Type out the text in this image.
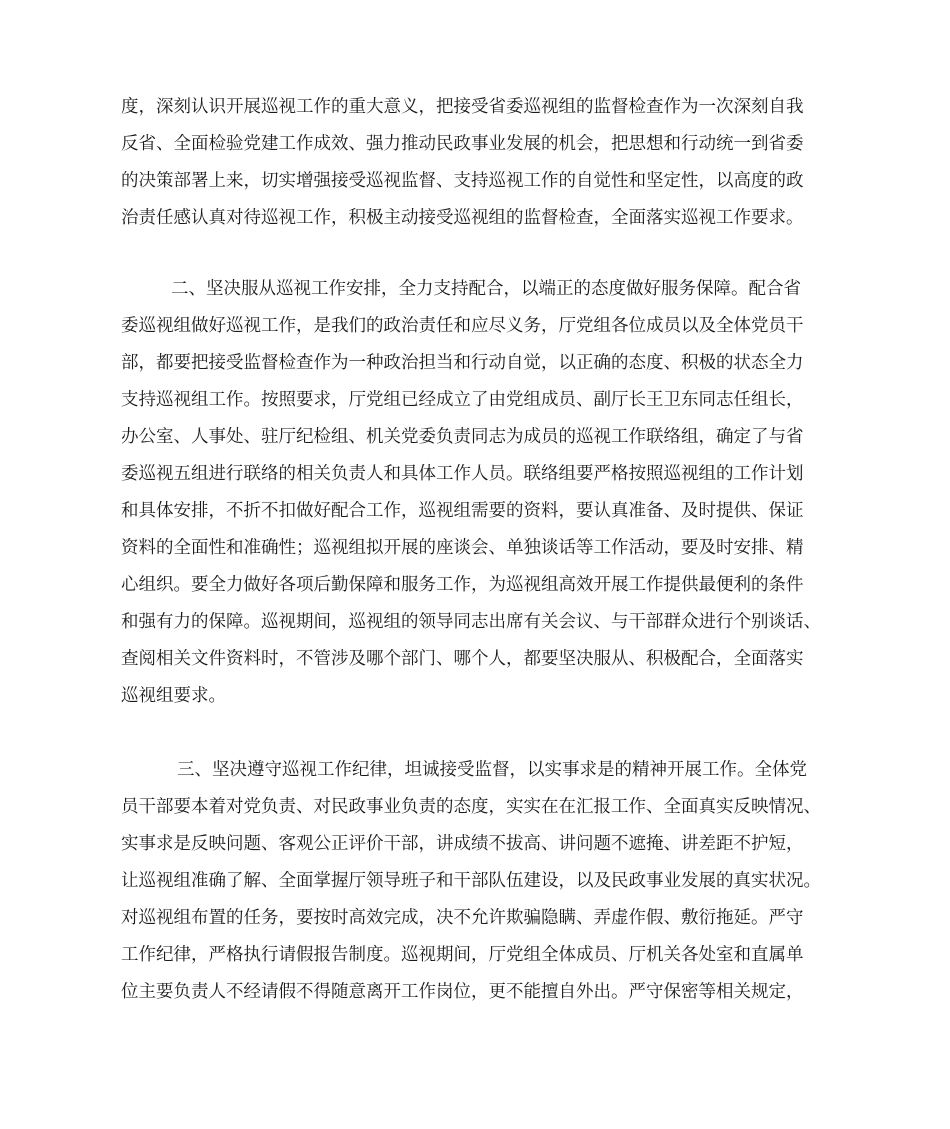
度，深刻认识开展巡视工作的重大意义，把接受省委巡视组的监督检查作为一次深刻自我
反省、全面检验党建工作成效、强力推动民政事业发展的机会，把思想和行动统一到省委
的决策部署上来，切实增强接受巡视监督、支持巡视工作的自觉性和坚定性，以高度的政
治责任感认真对待巡视工作，积极主动接受巡视组的监督检查，全面落实巡视工作要求。
二、坚决服从巡视工作安排，全力支持配合，以端正的态度做好服务保障。配合省
委巡视组做好巡视工作，是我们的政治责任和应尽义务，厅党组各位成员以及全体党员干
部，都要把接受监督检查作为一种政治担当和行动自觉，以正确的态度、积极的状态全力
支持巡视组工作。按照要求，厅党组已经成立了由党组成员、副厅长王卫东同志任组长，
办公室、人事处、驻厅纪检组、机关党委负责同志为成员的巡视工作联络组，确定了与省
委巡视五组进行联络的相关负责人和具体工作人员。联络组要严格按照巡视组的工作计划
和具体安排，不折不扣做好配合工作，巡视组需要的资料，要认真准备、及时提供、保证
资料的全面性和准确性；巡视组拟开展的座谈会、单独谈话等工作活动，要及时安排、精
心组织。要全力做好各项后勤保障和服务工作，为巡视组高效开展工作提供最便利的条件
和强有力的保障。巡视期间，巡视组的领导同志出席有关会议、与干部群众进行个别谈话、
查阅相关文件资料时，不管涉及哪个部门、哪个人，都要坚决服从、积极配合，全面落实
巡视组要求。
三、坚决遵守巡视工作纪律，坦诚接受监督，以实事求是的精神开展工作。全体党
员干部要本着对党负责、对民政事业负责的态度，实实在在汇报工作、全面真实反映情况、
实事求是反映问题、客观公正评价干部，讲成绩不拔高、讲问题不遮掩、讲差距不护短，
让巡视组准确了解、全面掌握厅领导班子和干部队伍建设，以及民政事业发展的真实状况。
对巡视组布置的任务，要按时高效完成，决不允许欺骗隐瞒、弄虚作假、敷衍拖延。严守
工作纪律，严格执行请假报告制度。巡视期间，厅党组全体成员、厅机关各处室和直属单
位主要负责人不经请假不得随意离开工作岗位，更不能擅自外出。严守保密等相关规定，
